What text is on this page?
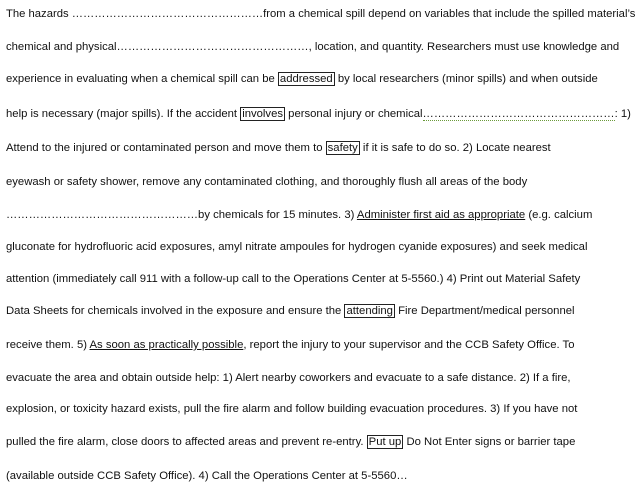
The hazards ……………………………………………from a chemical spill depend on variables that include the spilled material’s
chemical and physical……………………………………………, location, and quantity. Researchers must use knowledge and
experience in evaluating when a chemical spill can be addressed by local researchers (minor spills) and when outside
help is necessary (major spills). If the accident involves personal injury or chemical……………………………………………: 1)
Attend to the injured or contaminated person and move them to safety if it is safe to do so. 2) Locate nearest
eyewash or safety shower, remove any contaminated clothing, and thoroughly flush all areas of the body
……………………………………………by chemicals for 15 minutes. 3) Administer first aid as appropriate (e.g. calcium
gluconate for hydrofluoric acid exposures, amyl nitrate ampoules for hydrogen cyanide exposures) and seek medical
attention (immediately call 911 with a follow-up call to the Operations Center at 5-5560.) 4) Print out Material Safety
Data Sheets for chemicals involved in the exposure and ensure the attending Fire Department/medical personnel
receive them. 5) As soon as practically possible, report the injury to your supervisor and the CCB Safety Office. To
evacuate the area and obtain outside help: 1) Alert nearby coworkers and evacuate to a safe distance. 2) If a fire,
explosion, or toxicity hazard exists, pull the fire alarm and follow building evacuation procedures. 3) If you have not
pulled the fire alarm, close doors to affected areas and prevent re-entry. Put up Do Not Enter signs or barrier tape
(available outside CCB Safety Office). 4) Call the Operations Center at 5-5560…
